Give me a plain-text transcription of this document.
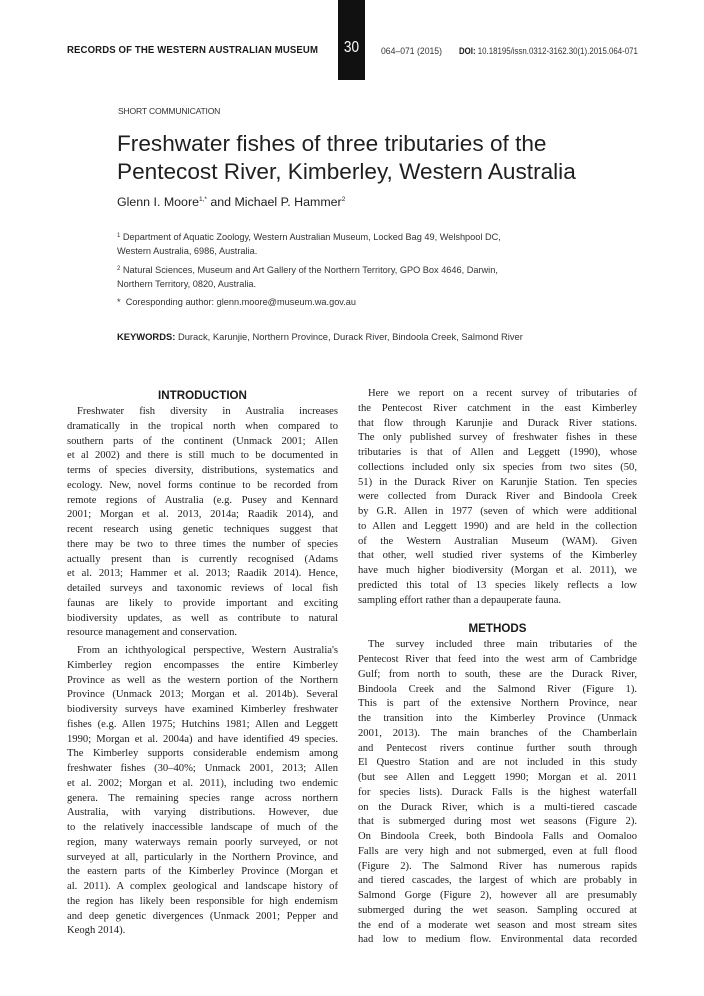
RECORDS OF THE WESTERN AUSTRALIAN MUSEUM 30	064–071 (2015) DOI: 10.18195/issn.0312-3162.30(1).2015.064-071
SHORT COMMUNICATION
Freshwater fishes of three tributaries of the
Pentecost River, Kimberley, Western Australia
Glenn I. Moore$^{1,*}$ and Michael P. Hammer$^2$
$^1$ Department of Aquatic Zoology, Western Australian Museum, Locked Bag 49, Welshpool DC,
Western Australia, 6986, Australia.
$^2$ Natural Sciences, Museum and Art Gallery of the Northern Territory, GPO Box 4646, Darwin,
Northern Territory, 0820, Australia.
* Coresponding author: glenn.moore@museum.wa.gov.au
KEYWORDS: Durack, Karunjie, Northern Province, Durack River, Bindoola Creek, Salmond River
INTRODUCTION
Freshwater fish diversity in Australia increases
dramatically in the tropical north when compared to
southern parts of the continent (Unmack 2001; Allen
et al 2002) and there is still much to be documented in
terms of species diversity, distributions, systematics and
ecology. New, novel forms continue to be recorded from
remote regions of Australia (e.g. Pusey and Kennard
2001; Morgan et al. 2013, 2014a; Raadik 2014), and
recent research using genetic techniques suggest that
there may be two to three times the number of species
actually present than is currently recognised (Adams
et al. 2013; Hammer et al. 2013; Raadik 2014). Hence,
detailed surveys and taxonomic reviews of local fish
faunas are likely to provide important and exciting
biodiversity updates, as well as contribute to natural
resource management and conservation.
From an ichthyological perspective, Western Australia's
Kimberley region encompasses the entire Kimberley
Province as well as the western portion of the Northern
Province (Unmack 2013; Morgan et al. 2014b). Several
biodiversity surveys have examined Kimberley freshwater
fishes (e.g. Allen 1975; Hutchins 1981; Allen and Leggett
1990; Morgan et al. 2004a) and have identified 49 species.
The Kimberley supports considerable endemism among
freshwater fishes (30–40%; Unmack 2001, 2013; Allen
et al. 2002; Morgan et al. 2011), including two endemic
genera. The remaining species range across northern
Australia, with varying distributions. However, due
to the relatively inaccessible landscape of much of the
region, many waterways remain poorly surveyed, or not
surveyed at all, particularly in the Northern Province, and
the eastern parts of the Kimberley Province (Morgan et
al. 2011). A complex geological and landscape history of
the region has likely been responsible for high endemism
and deep genetic divergences (Unmack 2001; Pepper and
Keogh 2014).
Here we report on a recent survey of tributaries of
the Pentecost River catchment in the east Kimberley
that flow through Karunjie and Durack River stations.
The only published survey of freshwater fishes in these
tributaries is that of Allen and Leggett (1990), whose
collections included only six species from two sites (50,
51) in the Durack River on Karunjie Station. Ten species
were collected from Durack River and Bindoola Creek
by G.R. Allen in 1977 (seven of which were additional
to Allen and Leggett 1990) and are held in the collection
of the Western Australian Museum (WAM). Given
that other, well studied river systems of the Kimberley
have much higher biodiversity (Morgan et al. 2011), we
predicted this total of 13 species likely reflects a low
sampling effort rather than a depauperate fauna.
METHODS
The survey included three main tributaries of the
Pentecost River that feed into the west arm of Cambridge
Gulf; from north to south, these are the Durack River,
Bindoola Creek and the Salmond River (Figure 1).
This is part of the extensive Northern Province, near
the transition into the Kimberley Province (Unmack
2001, 2013). The main branches of the Chamberlain
and Pentecost rivers continue further south through
El Questro Station and are not included in this study
(but see Allen and Leggett 1990; Morgan et al. 2011
for species lists). Durack Falls is the highest waterfall
on the Durack River, which is a multi-tiered cascade
that is submerged during most wet seasons (Figure 2).
On Bindoola Creek, both Bindoola Falls and Oomaloo
Falls are very high and not submerged, even at full flood
(Figure 2). The Salmond River has numerous rapids
and tiered cascades, the largest of which are probably in
Salmond Gorge (Figure 2), however all are presumably
submerged during the wet season. Sampling occured at
the end of a moderate wet season and most stream sites
had low to medium flow. Environmental data recorded
